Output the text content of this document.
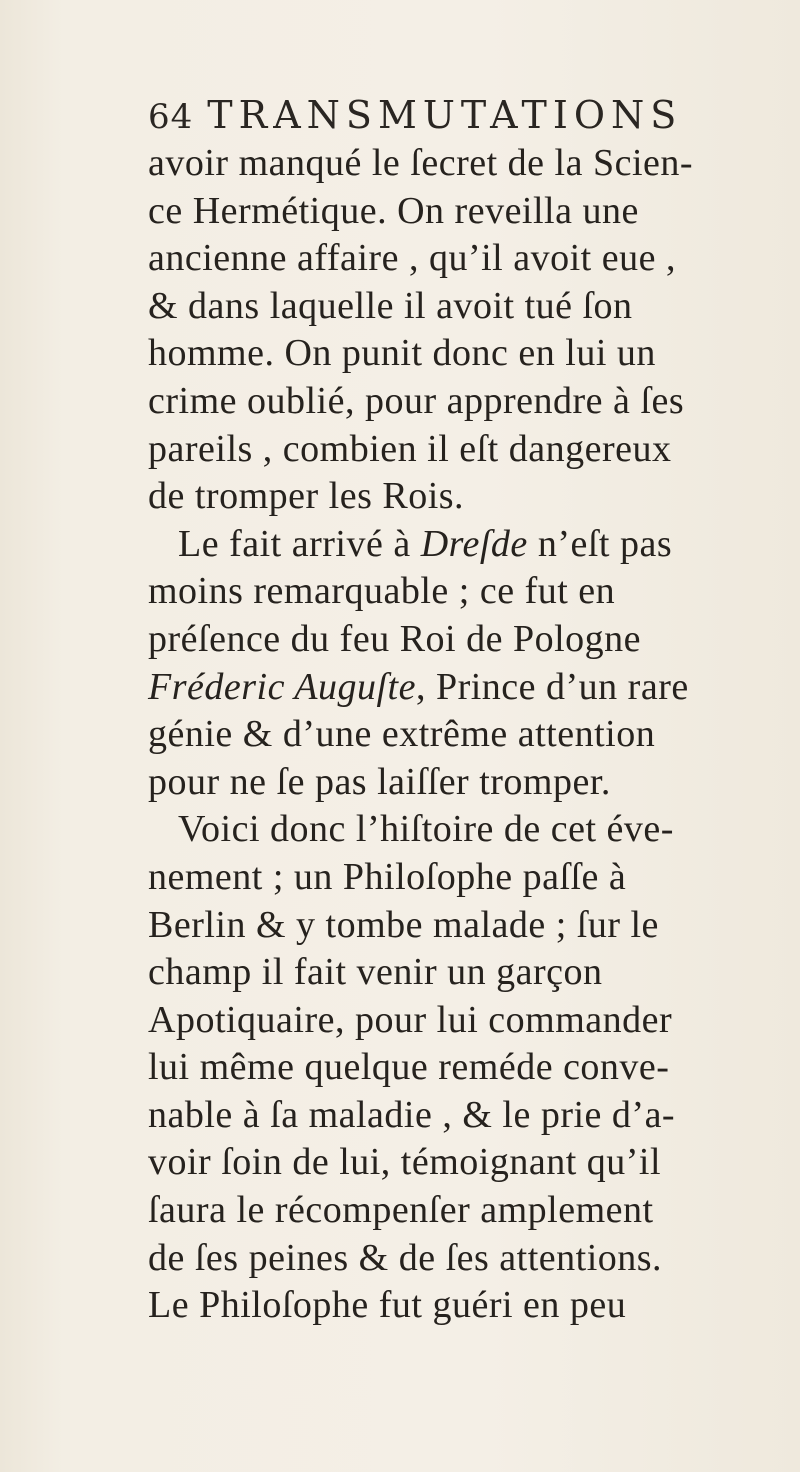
64 TRANSMUTATIONS
avoir manqué le ſecret de la Scien-
ce Hermétique. On reveilla une
ancienne affaire , qu’il avoit eue ,
& dans laquelle il avoit tué ſon
homme. On punit donc en lui un
crime oublié, pour apprendre à ſes
pareils , combien il eſt dangereux
de tromper les Rois.
Le fait arrivé à Dreſde n’eſt pas
moins remarquable ; ce fut en
préſence du feu Roi de Pologne
Fréderic Auguſte, Prince d’un rare
génie & d’une extrême attention
pour ne ſe pas laiſſer tromper.
Voici donc l’hiſtoire de cet éve-
nement ; un Philoſophe paſſe à
Berlin & y tombe malade ; ſur le
champ il fait venir un garçon
Apotiquaire, pour lui commander
lui même quelque reméde conve-
nable à ſa maladie , & le prie d’a-
voir ſoin de lui, témoignant qu’il
ſaura le récompenſer amplement
de ſes peines & de ſes attentions.
Le Philoſophe fut guéri en peu
